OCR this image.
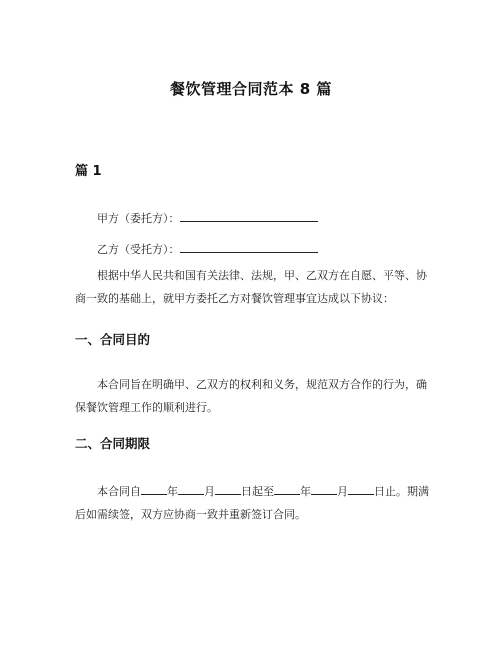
餐饮管理合同范本 8 篇
篇 1
甲方（委托方）：
乙方（受托方）：
根据中华人民共和国有关法律、法规，甲、乙双方在自愿、平等、协商一致的基础上，就甲方委托乙方对餐饮管理事宜达成以下协议：
一、合同目的
本合同旨在明确甲、乙双方的权利和义务，规范双方合作的行为，确保餐饮管理工作的顺利进行。
二、合同期限
本合同自 年 月 日起至 年 月 日止。期满后如需续签，双方应协商一致并重新签订合同。
